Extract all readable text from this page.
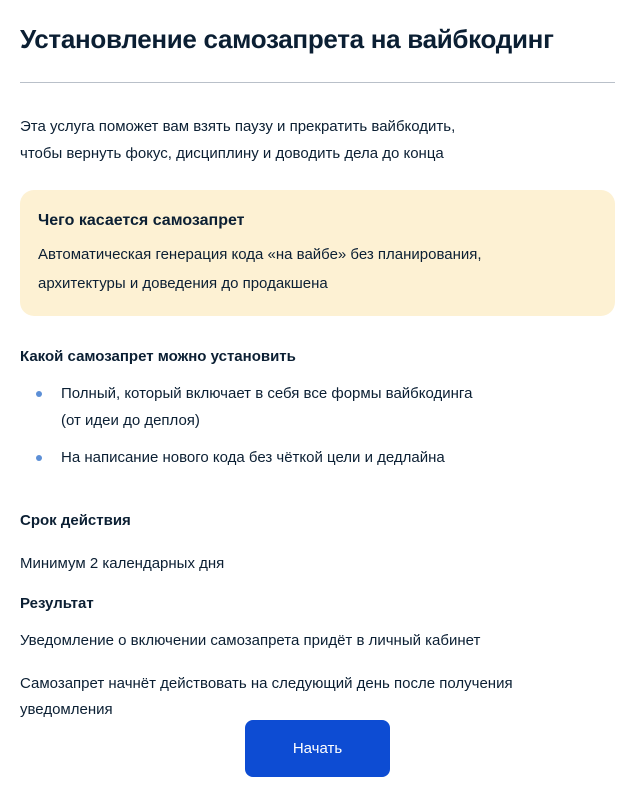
Установление самозапрета на вайбкодинг

Эта услуга поможет вам взять паузу и прекратить вайбкодить,
чтобы вернуть фокус, дисциплину и доводить дела до конца

Чего касается самозапрет

Автоматическая генерация кода «на вайбе» без планирования,
архитектуры и доведения до продакшена

Какой самозапрет можно установить
Полный, который включает в себя все формы вайбкодинга
(от идеи до деплоя)
На написание нового кода без чёткой цели и дедлайна
Срок действия

Минимум 2 календарных дня

Результат

Уведомление о включении самозапрета придёт в личный кабинет

Самозапрет начнёт действовать на следующий день после получения
уведомления

Начать
